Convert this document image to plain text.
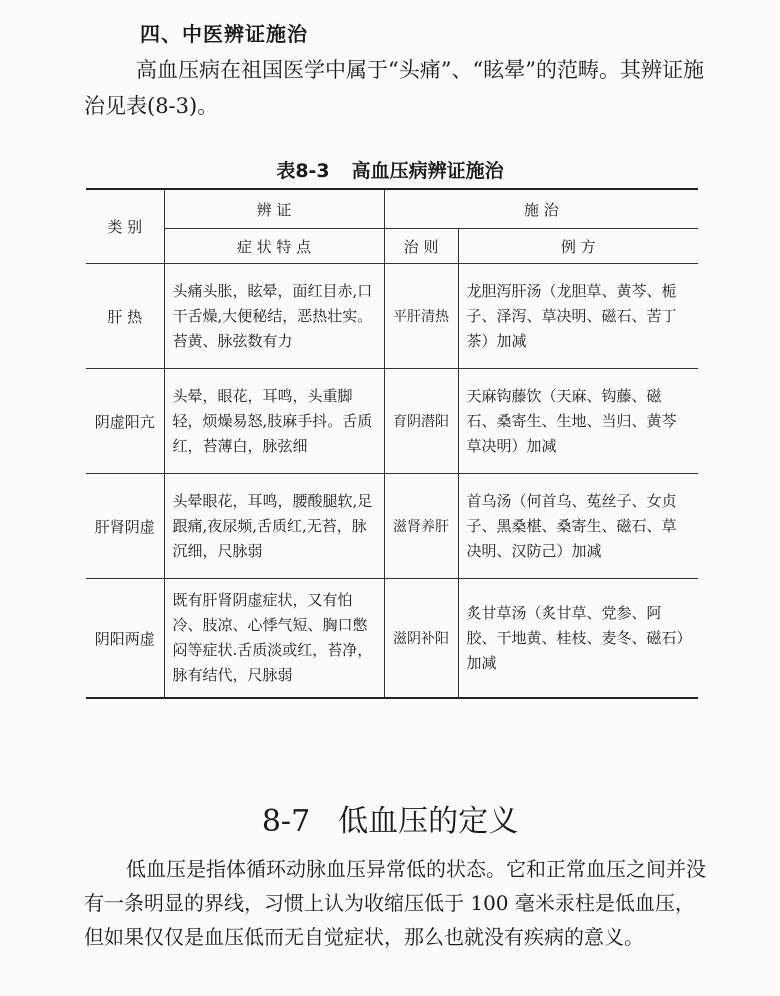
四、中医辨证施治
高血压病在祖国医学中属于“头痛”、“眩晕”的范畴。其辨证施治见表(8-3)。
表8-3 高血压病辨证施治
类 别	辨 证	施 治	
	症 状 特 点	治 则	例 方
肝 热	头痛头胀，眩晕，面红目赤,口干舌燥,大便秘结，恶热壮实。苔黄、脉弦数有力	平肝清热	龙胆泻肝汤（龙胆草、黄芩、栀子、泽泻、草决明、磁石、苦丁茶）加减
阴虚阳亢	头晕，眼花，耳鸣，头重脚轻，烦燥易怒,肢麻手抖。舌质红，苔薄白，脉弦细	育阴潜阳	天麻钩藤饮（天麻、钩藤、磁石、桑寄生、生地、当归、黄芩草决明）加减
肝肾阴虚	头晕眼花，耳鸣，腰酸腿软,足跟痛,夜尿频,舌质红,无苔，脉沉细，尺脉弱	滋肾养肝	首乌汤（何首乌、菟丝子、女贞子、黑桑椹、桑寄生、磁石、草决明、汉防己）加减
阴阳两虚	既有肝肾阴虚症状，又有怕冷、肢凉、心悸气短、胸口憋闷等症状.舌质淡或红，苔净，脉有结代，尺脉弱	滋阴补阳	炙甘草汤（炙甘草、党参、阿胶、干地黄、桂枝、麦冬、磁石）加减
8-7 低血压的定义
低血压是指体循环动脉血压异常低的状态。它和正常血压之间并没有一条明显的界线，习惯上认为收缩压低于 100 毫米汞柱是低血压，但如果仅仅是血压低而无自觉症状，那么也就没有疾病的意义。
